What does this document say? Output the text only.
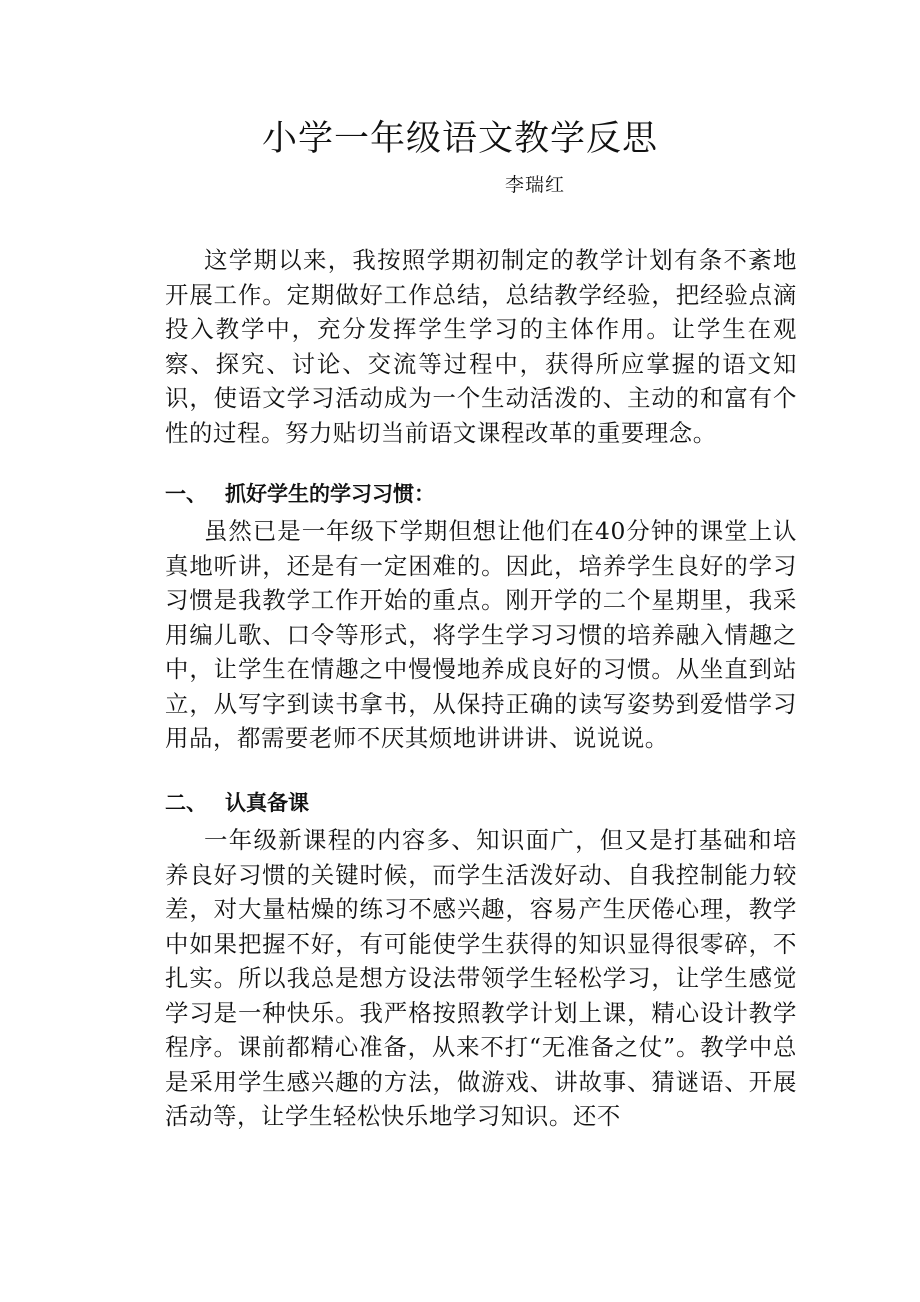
小学一年级语文教学反思
李瑞红

这学期以来，我按照学期初制定的教学计划有条不紊地开展工作。定期做好工作总结，总结教学经验，把经验点滴投入教学中，充分发挥学生学习的主体作用。让学生在观察、探究、讨论、交流等过程中，获得所应掌握的语文知识，使语文学习活动成为一个生动活泼的、主动的和富有个性的过程。努力贴切当前语文课程改革的重要理念。

一、 抓好学生的学习习惯：

虽然已是一年级下学期但想让他们在40分钟的课堂上认真地听讲，还是有一定困难的。因此，培养学生良好的学习习惯是我教学工作开始的重点。刚开学的二个星期里，我采用编儿歌、口令等形式，将学生学习习惯的培养融入情趣之中，让学生在情趣之中慢慢地养成良好的习惯。从坐直到站立，从写字到读书拿书，从保持正确的读写姿势到爱惜学习用品，都需要老师不厌其烦地讲讲讲、说说说。

二、 认真备课

一年级新课程的内容多、知识面广，但又是打基础和培养良好习惯的关键时候，而学生活泼好动、自我控制能力较差，对大量枯燥的练习不感兴趣，容易产生厌倦心理，教学中如果把握不好，有可能使学生获得的知识显得很零碎，不扎实。所以我总是想方设法带领学生轻松学习，让学生感觉学习是一种快乐。我严格按照教学计划上课，精心设计教学程序。课前都精心准备，从来不打“无准备之仗”。教学中总是采用学生感兴趣的方法，做游戏、讲故事、猜谜语、开展活动等，让学生轻松快乐地学习知识。还不
